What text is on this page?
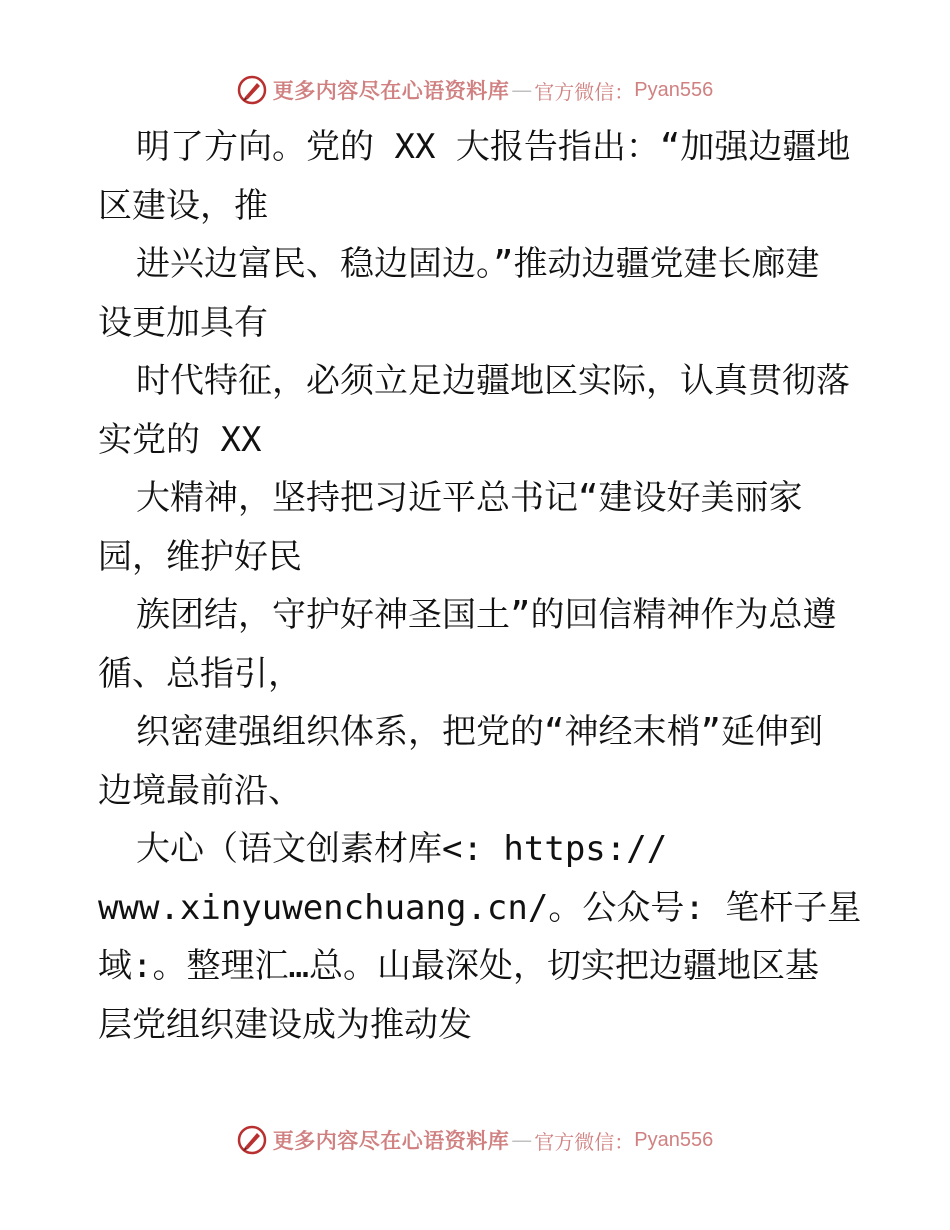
更多内容尽在心语资料库 — 官方微信： Pyan556
明了方向。党的 XX 大报告指出：“加强边疆地
区建设，推
进兴边富民、稳边固边。”推动边疆党建长廊建
设更加具有
时代特征，必须立足边疆地区实际，认真贯彻落
实党的 XX
大精神，坚持把习近平总书记“建设好美丽家
园，维护好民
族团结，守护好神圣国土”的回信精神作为总遵
循、总指引，
织密建强组织体系，把党的“神经末梢”延伸到
边境最前沿、
大心（语文创素材库<: https://
www.xinyuwenchuang.cn/。公众号: 笔杆子星
域:。整理汇…总。山最深处，切实把边疆地区基
层党组织建设成为推动发
更多内容尽在心语资料库 — 官方微信： Pyan556
